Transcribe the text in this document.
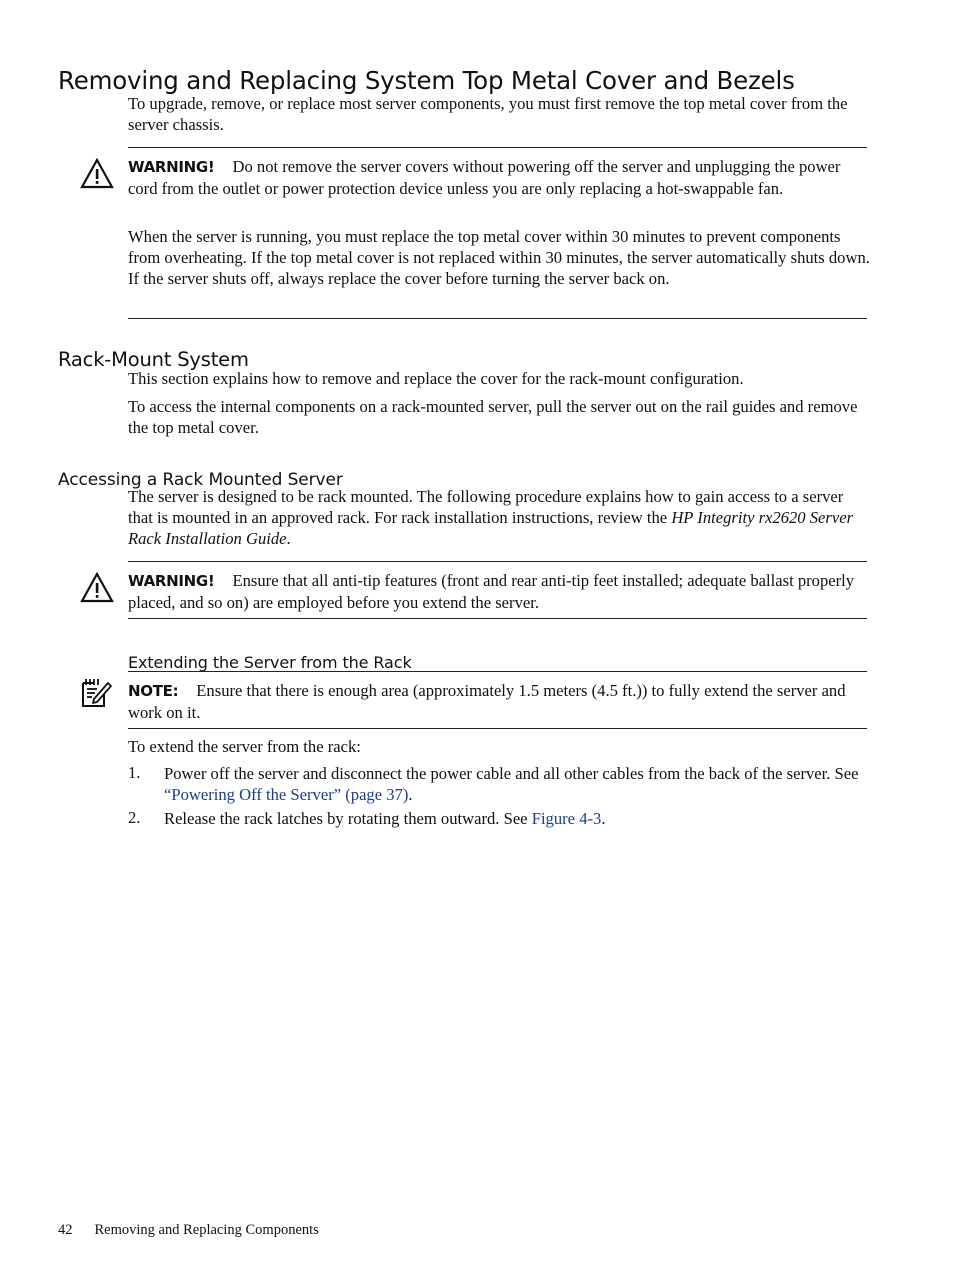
Removing and Replacing System Top Metal Cover and Bezels

To upgrade, remove, or replace most server components, you must first remove the top metal cover from the server chassis.

WARNING! Do not remove the server covers without powering off the server and unplugging the power cord from the outlet or power protection device unless you are only replacing a hot-swappable fan.

When the server is running, you must replace the top metal cover within 30 minutes to prevent components from overheating. If the top metal cover is not replaced within 30 minutes, the server automatically shuts down. If the server shuts off, always replace the cover before turning the server back on.

Rack-Mount System

This section explains how to remove and replace the cover for the rack-mount configuration.

To access the internal components on a rack-mounted server, pull the server out on the rail guides and remove the top metal cover.

Accessing a Rack Mounted Server

The server is designed to be rack mounted. The following procedure explains how to gain access to a server that is mounted in an approved rack. For rack installation instructions, review the HP Integrity rx2620 Server Rack Installation Guide.

WARNING! Ensure that all anti-tip features (front and rear anti-tip feet installed; adequate ballast properly placed, and so on) are employed before you extend the server.

Extending the Server from the Rack

NOTE: Ensure that there is enough area (approximately 1.5 meters (4.5 ft.)) to fully extend the server and work on it.

To extend the server from the rack:

1. Power off the server and disconnect the power cable and all other cables from the back of the server. See “Powering Off the Server” (page 37).

2. Release the rack latches by rotating them outward. See Figure 4-3.

42 Removing and Replacing Components
